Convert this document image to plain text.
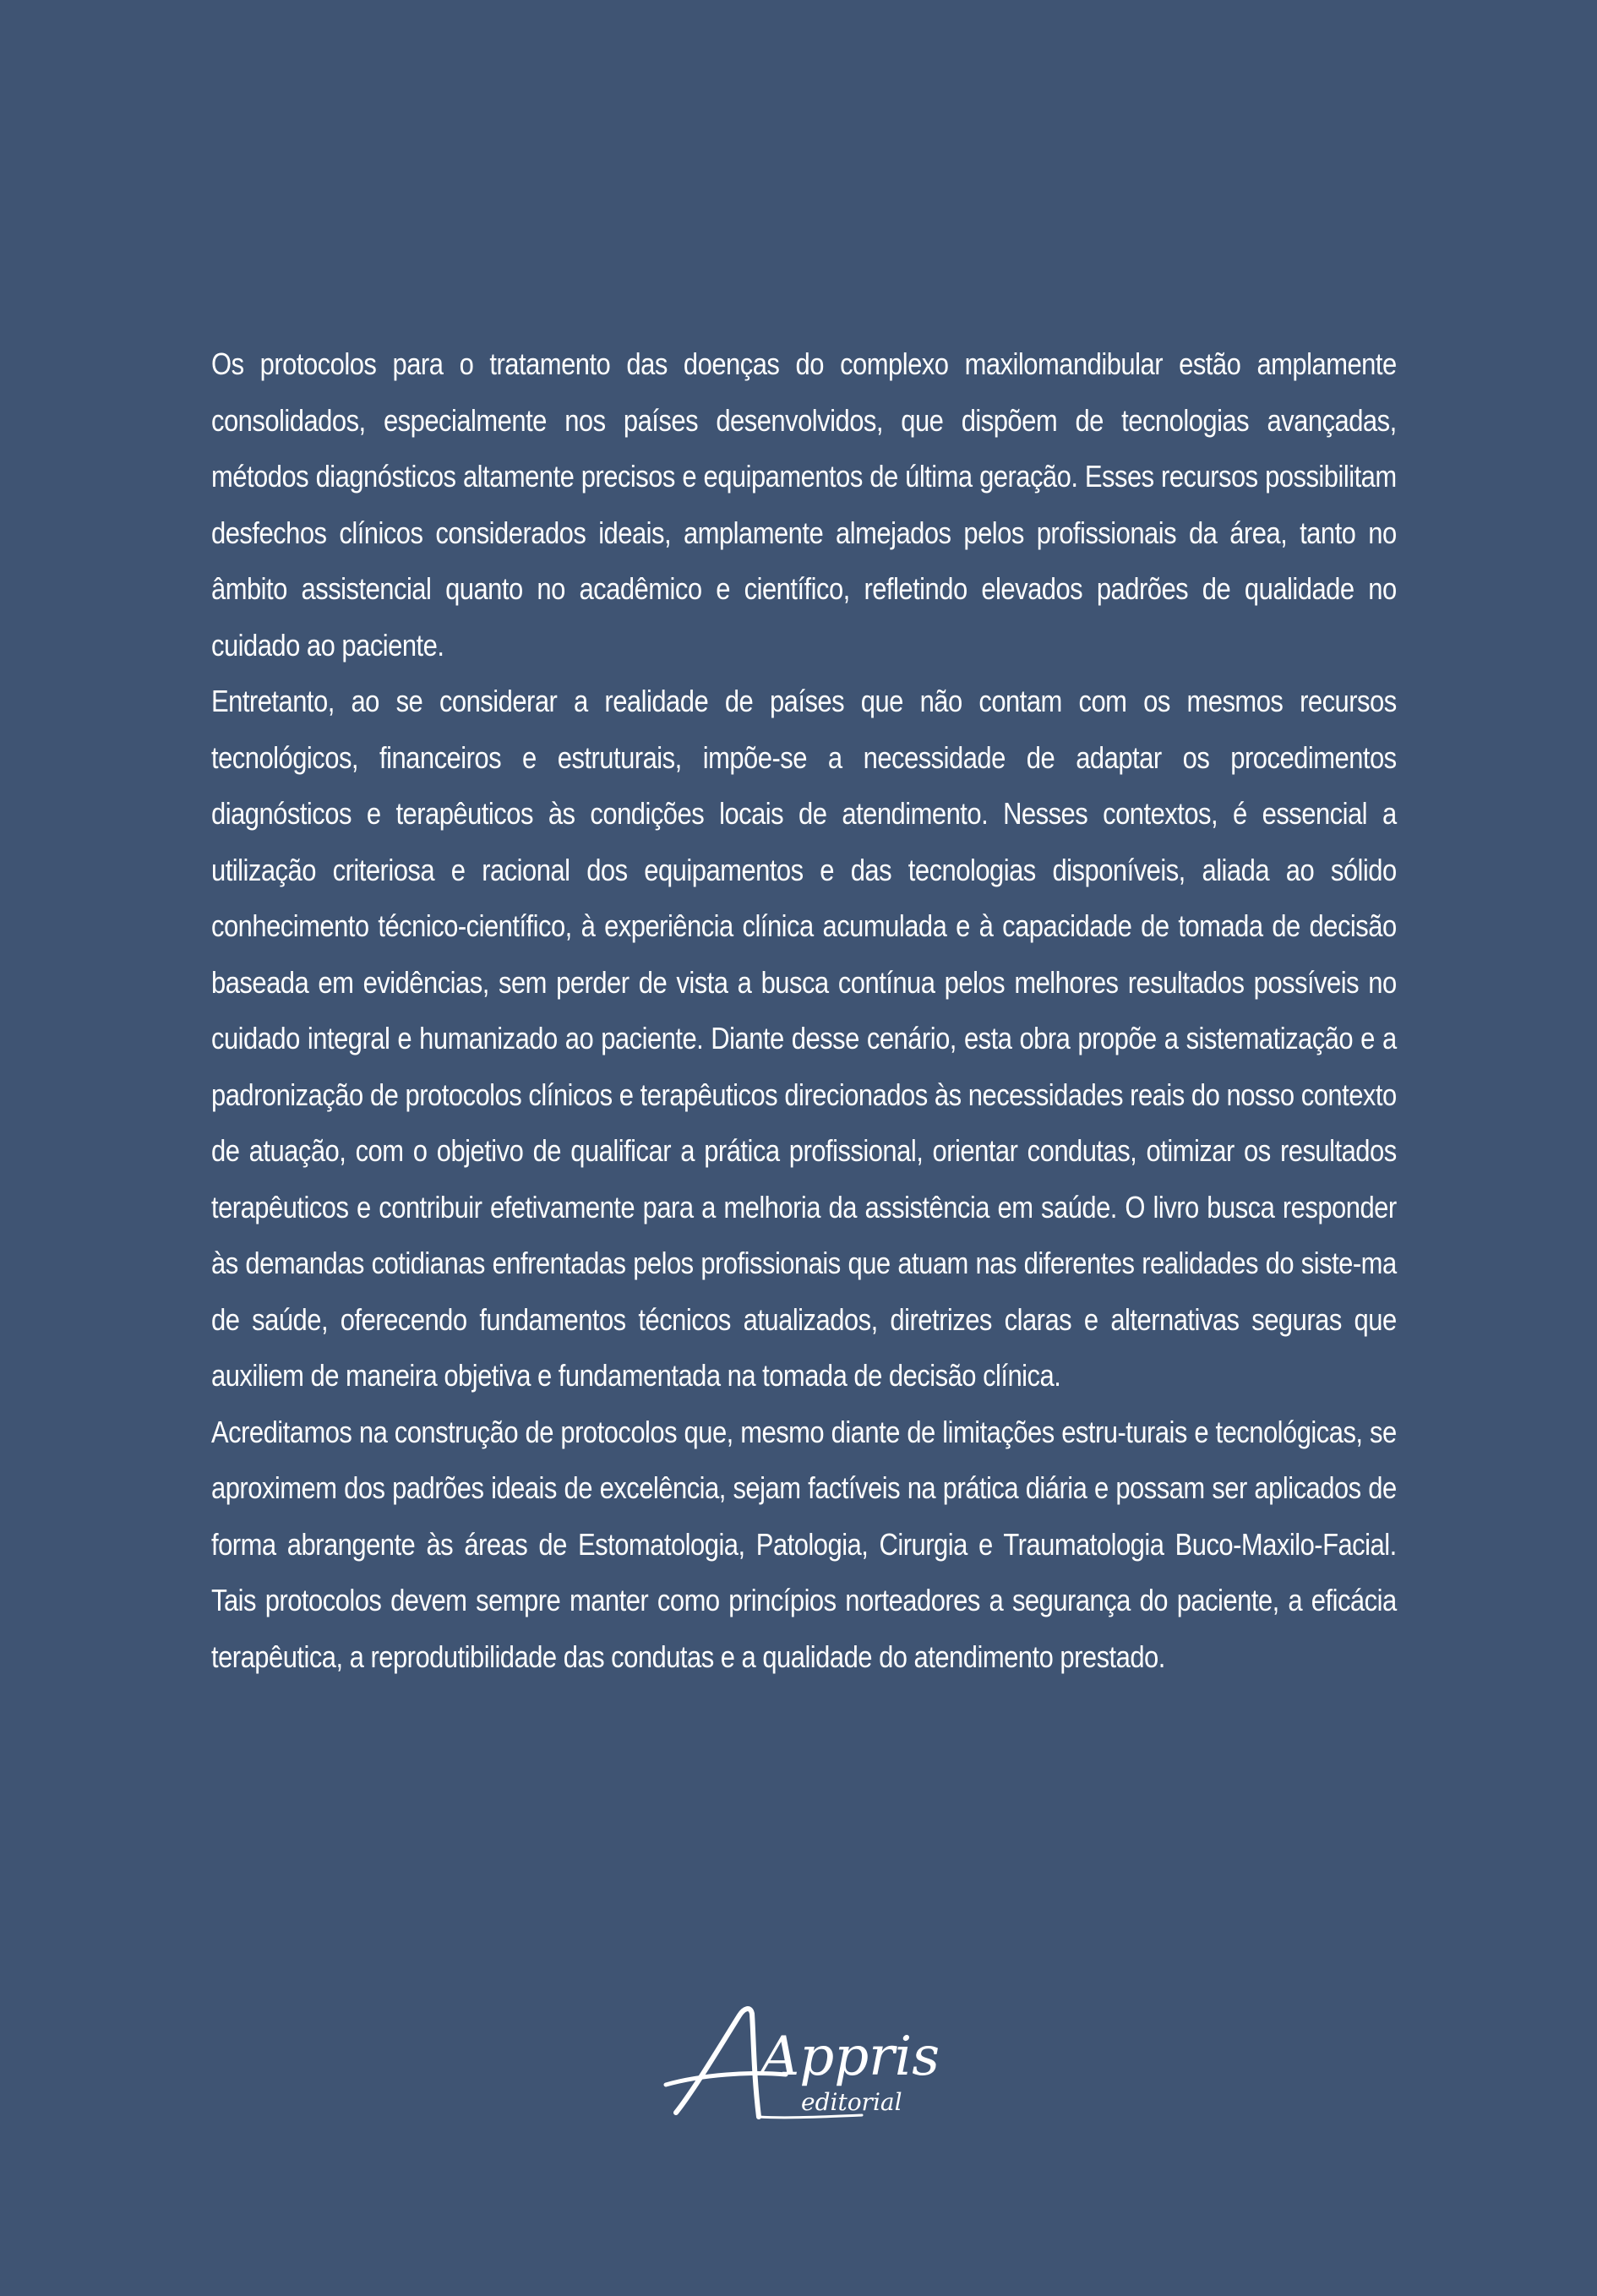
Os protocolos para o tratamento das doenças do complexo maxilomandibular estão amplamente consolidados, especialmente nos países desenvolvidos, que dispõem de tecnologias avançadas, métodos diagnósticos altamente precisos e equipamentos de última geração. Esses recursos possibilitam desfechos clínicos considerados ideais, amplamente almejados pelos profissionais da área, tanto no âmbito assistencial quanto no acadêmico e científico, refletindo elevados padrões de qualidade no cuidado ao paciente.

Entretanto, ao se considerar a realidade de países que não contam com os mesmos recursos tecnológicos, financeiros e estruturais, impõe-se a necessidade de adaptar os procedimentos diagnósticos e terapêuticos às condições locais de atendimento. Nesses contextos, é essencial a utilização criteriosa e racional dos equipamentos e das tecnologias disponíveis, aliada ao sólido conhecimento técnico-científico, à experiência clínica acumulada e à capacidade de tomada de decisão baseada em evidências, sem perder de vista a busca contínua pelos melhores resultados possíveis no cuidado integral e humanizado ao paciente. Diante desse cenário, esta obra propõe a sistematização e a padronização de protocolos clínicos e terapêuticos direcionados às necessidades reais do nosso contexto de atuação, com o objetivo de qualificar a prática profissional, orientar condutas, otimizar os resultados terapêuticos e contribuir efetivamente para a melhoria da assistência em saúde. O livro busca responder às demandas cotidianas enfrentadas pelos profissionais que atuam nas diferentes realidades do siste-ma de saúde, oferecendo fundamentos técnicos atualizados, diretrizes claras e alternativas seguras que auxiliem de maneira objetiva e fundamentada na tomada de decisão clínica.

Acreditamos na construção de protocolos que, mesmo diante de limitações estru-turais e tecnológicas, se aproximem dos padrões ideais de excelência, sejam factíveis na prática diária e possam ser aplicados de forma abrangente às áreas de Estomatologia, Patologia, Cirurgia e Traumatologia Buco-Maxilo-Facial. Tais protocolos devem sempre manter como princípios norteadores a segurança do paciente, a eficácia terapêutica, a reprodutibilidade das condutas e a qualidade do atendimento prestado.

Appris
editorial
